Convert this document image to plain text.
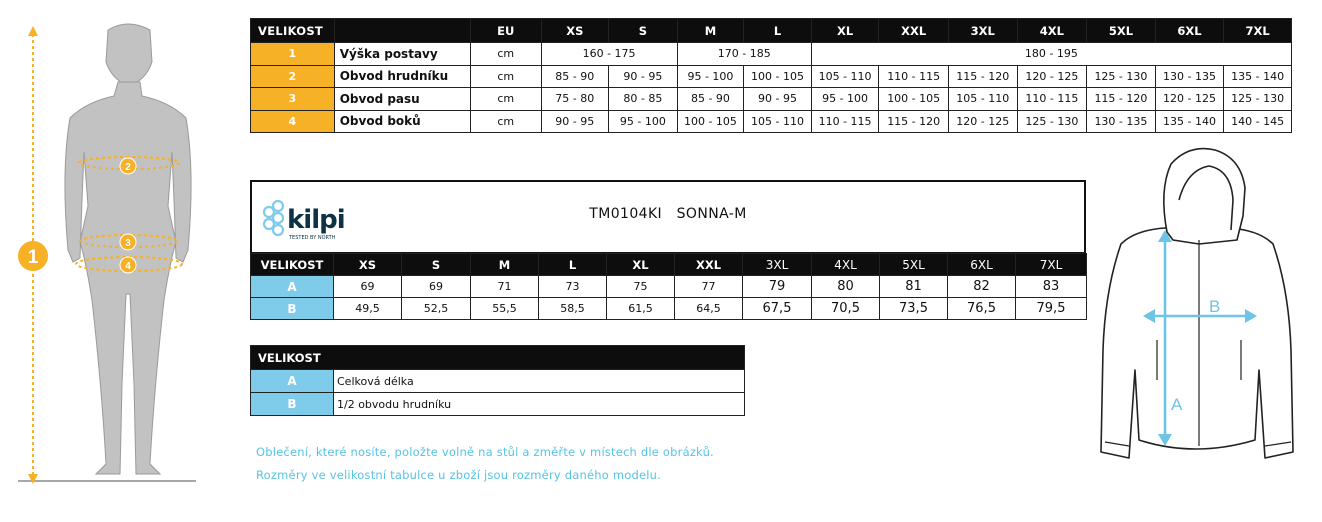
1
2
3
4
VELIKOST		EU	XS	S	M	L	XL	XXL	3XL	4XL	5XL	6XL	7XL
1	Výška postavy	cm	160 - 175		170 - 185		180 - 195						
2	Obvod hrudníku	cm	85 - 90	90 - 95	95 - 100	100 - 105	105 - 110	110 - 115	115 - 120	120 - 125	125 - 130	130 - 135	135 - 140
3	Obvod pasu	cm	75 - 80	80 - 85	85 - 90	90 - 95	95 - 100	100 - 105	105 - 110	110 - 115	115 - 120	120 - 125	125 - 130
4	Obvod boků	cm	90 - 95	95 - 100	100 - 105	105 - 110	110 - 115	115 - 120	120 - 125	125 - 130	130 - 135	135 - 140	140 - 145
kilpi
TESTED BY NORTH
TM0104KI SONNA-M
VELIKOST	XS	S	M	L	XL	XXL	3XL	4XL	5XL	6XL	7XL
A	69	69	71	73	75	77	79	80	81	82	83
B	49,5	52,5	55,5	58,5	61,5	64,5	67,5	70,5	73,5	76,5	79,5
VELIKOST	
A	Celková délka
B	1/2 obvodu hrudníku
Oblečení, které nosíte, položte volně na stůl a změřte v místech dle obrázků.
Rozměry ve velikostní tabulce u zboží jsou rozměry daného modelu.
A
B
